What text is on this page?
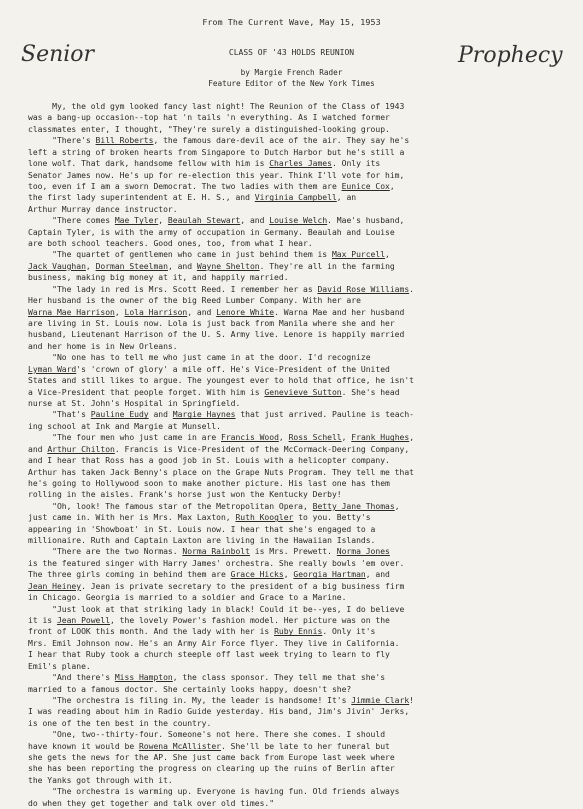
From The Current Wave, May 15, 1953
Senior	Prophecy
CLASS OF '43 HOLDS REUNION
by Margie French Rader
Feature Editor of the New York Times
My, the old gym looked fancy last night! The Reunion of the Class of 1943
was a bang-up occasion--top hat 'n tails 'n everything. As I watched former
classmates enter, I thought, "They're surely a distinguished-looking group.
"There's Bill Roberts, the famous dare-devil ace of the air. They say he's
left a string of broken hearts from Singapore to Dutch Harbor but he's still a
lone wolf. That dark, handsome fellow with him is Charles James. Only its
Senator James now. He's up for re-election this year. Think I'll vote for him,
too, even if I am a sworn Democrat. The two ladies with them are Eunice Cox,
the first lady superintendent at E. H. S., and Virginia Campbell, an
Arthur Murray dance instructor.
"There comes Mae Tyler, Beaulah Stewart, and Louise Welch. Mae's husband,
Captain Tyler, is with the army of occupation in Germany. Beaulah and Louise
are both school teachers. Good ones, too, from what I hear.
"The quartet of gentlemen who came in just behind them is Max Purcell,
Jack Vaughan, Dorman Steelman, and Wayne Shelton. They're all in the farming
business, making big money at it, and happily married.
"The lady in red is Mrs. Scott Reed. I remember her as David Rose Williams.
Her husband is the owner of the big Reed Lumber Company. With her are
Warna Mae Harrison, Lola Harrison, and Lenore White. Warna Mae and her husband
are living in St. Louis now. Lola is just back from Manila where she and her
husband, Lieutenant Harrison of the U. S. Army live. Lenore is happily married
and her home is in New Orleans.
"No one has to tell me who just came in at the door. I'd recognize
Lyman Ward's 'crown of glory' a mile off. He's Vice-President of the United
States and still likes to argue. The youngest ever to hold that office, he isn't
a Vice-President that people forget. With him is Genevieve Sutton. She's head
nurse at St. John's Hospital in Springfield.
"That's Pauline Eudy and Margie Haynes that just arrived. Pauline is teach-
ing school at Ink and Margie at Munsell.
"The four men who just came in are Francis Wood, Ross Schell, Frank Hughes,
and Arthur Chilton. Francis is Vice-President of the McCormack-Deering Company,
and I hear that Ross has a good job in St. Louis with a helicopter company.
Arthur has taken Jack Benny's place on the Grape Nuts Program. They tell me that
he's going to Hollywood soon to make another picture. His last one has them
rolling in the aisles. Frank's horse just won the Kentucky Derby!
"Oh, look! The famous star of the Metropolitan Opera, Betty Jane Thomas,
just came in. With her is Mrs. Max Laxton, Ruth Koogler to you. Betty's
appearing in 'Showboat' in St. Louis now. I hear that she's engaged to a
millionaire. Ruth and Captain Laxton are living in the Hawaiian Islands.
"There are the two Normas. Norma Rainbolt is Mrs. Prewett. Norma Jones
is the featured singer with Harry James' orchestra. She really bowls 'em over.
The three girls coming in behind them are Grace Hicks, Georgia Hartman, and
Jean Heiney. Jean is private secretary to the president of a big business firm
in Chicago. Georgia is married to a soldier and Grace to a Marine.
"Just look at that striking lady in black! Could it be--yes, I do believe
it is Jean Powell, the lovely Power's fashion model. Her picture was on the
front of LOOK this month. And the lady with her is Ruby Ennis. Only it's
Mrs. Emil Johnson now. He's an Army Air Force flyer. They live in California.
I hear that Ruby took a church steeple off last week trying to learn to fly
Emil's plane.
"And there's Miss Hampton, the class sponsor. They tell me that she's
married to a famous doctor. She certainly looks happy, doesn't she?
"The orchestra is filing in. My, the leader is handsome! It's Jimmie Clark!
I was reading about him in Radio Guide yesterday. His band, Jim's Jivin' Jerks,
is one of the ten best in the country.
"One, two--thirty-four. Someone's not here. There she comes. I should
have known it would be Rowena McAllister. She'll be late to her funeral but
she gets the news for the AP. She just came back from Europe last week where
she has been reporting the progress on clearing up the ruins of Berlin after
the Yanks got through with it.
"The orchestra is warming up. Everyone is having fun. Old friends always
do when they get together and talk over old times."
